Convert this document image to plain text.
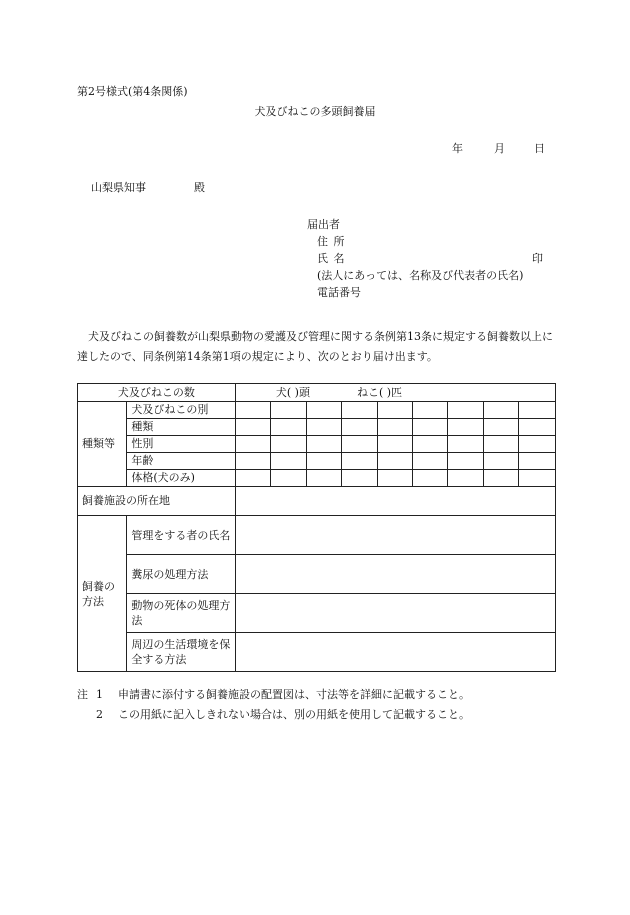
第2号様式(第4条関係)
犬及びねこの多頭飼養届
年	月	日
山梨県知事	殿
届出者
住 所
氏 名	印
(法人にあっては、名称及び代表者の氏名)
電話番号

犬及びねこの飼養数が山梨県動物の愛護及び管理に関する条例第13条に規定する飼養数以上に達したので、同条例第14条第1項の規定により、次のとおり届け出ます。

犬及びねこの数		犬( )頭 ねこ( )匹								
種類等	犬及びねこの別									
	種類									
	性別									
	年齢									
	体格(犬のみ)									
飼養施設の所在地										
飼養の方法	管理をする者の氏名									
	糞尿の処理方法									
	動物の死体の処理方法									
	周辺の生活環境を保全する方法									
注 1 申請書に添付する飼養施設の配置図は、寸法等を詳細に記載すること。
2 この用紙に記入しきれない場合は、別の用紙を使用して記載すること。
